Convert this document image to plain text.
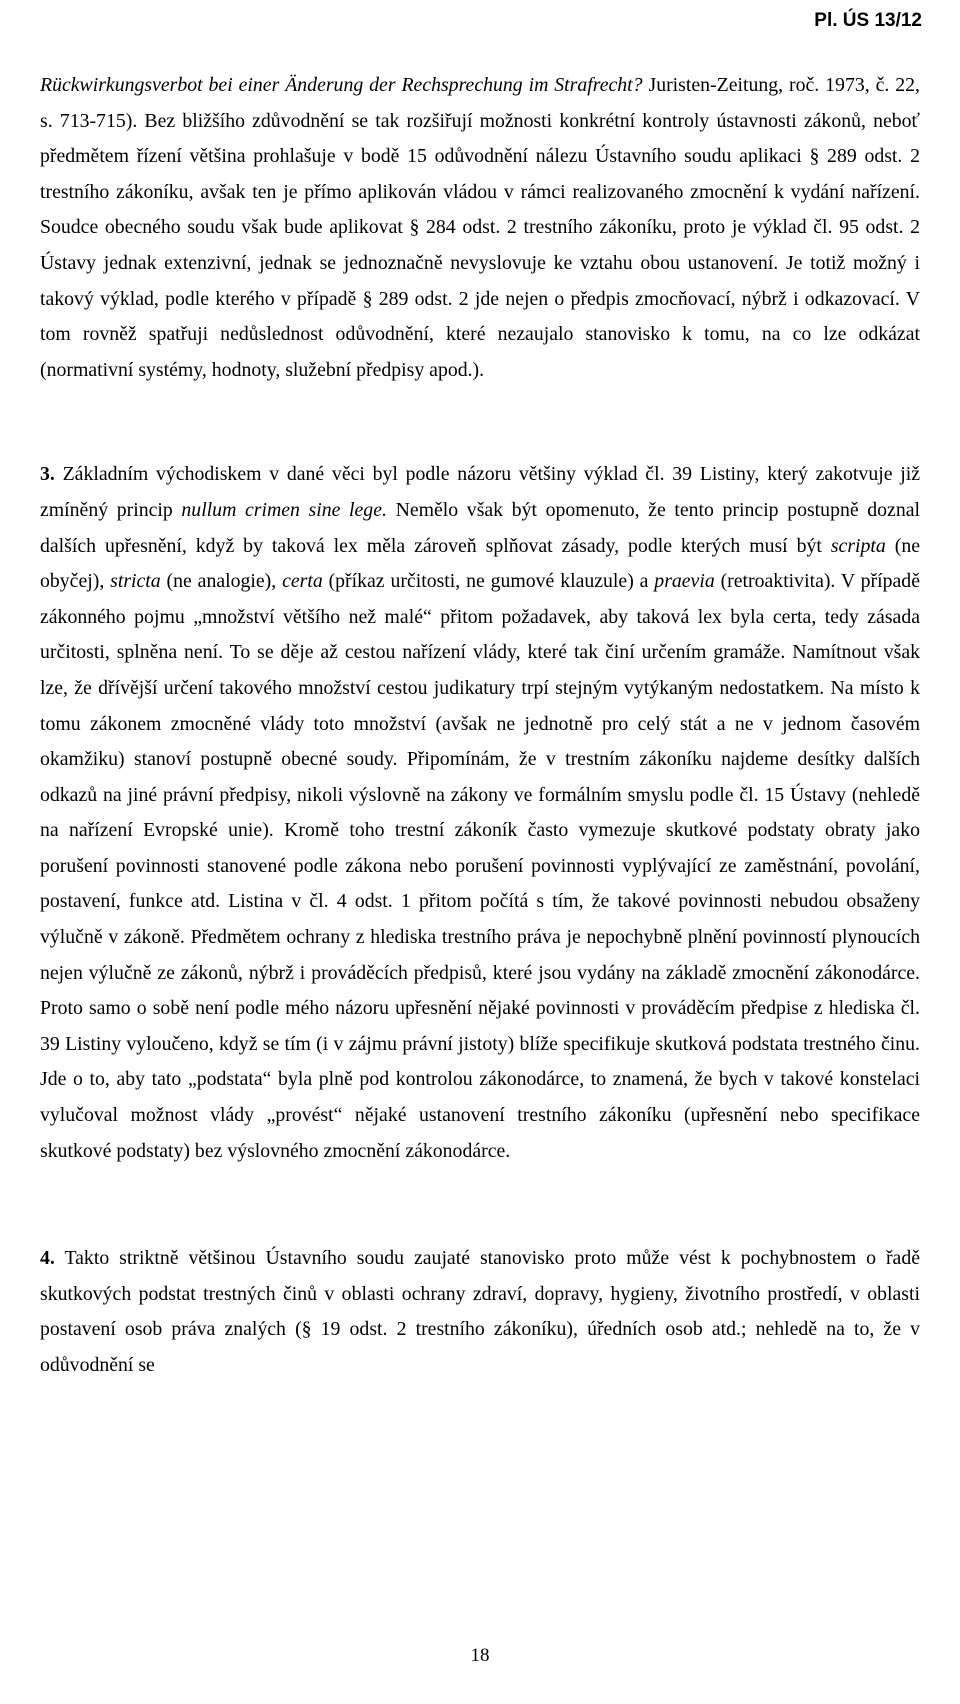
Pl. ÚS 13/12

Rückwirkungsverbot bei einer Änderung der Rechsprechung im Strafrecht? Juristen-Zeitung, roč. 1973, č. 22, s. 713-715). Bez bližšího zdůvodnění se tak rozšiřují možnosti konkrétní kontroly ústavnosti zákonů, neboť předmětem řízení většina prohlašuje v bodě 15 odůvodnění nálezu Ústavního soudu aplikaci § 289 odst. 2 trestního zákoníku, avšak ten je přímo aplikován vládou v rámci realizovaného zmocnění k vydání nařízení. Soudce obecného soudu však bude aplikovat § 284 odst. 2 trestního zákoníku, proto je výklad čl. 95 odst. 2 Ústavy jednak extenzivní, jednak se jednoznačně nevyslovuje ke vztahu obou ustanovení. Je totiž možný i takový výklad, podle kterého v případě § 289 odst. 2 jde nejen o předpis zmocňovací, nýbrž i odkazovací. V tom rovněž spatřuji nedůslednost odůvodnění, které nezaujalo stanovisko k tomu, na co lze odkázat (normativní systémy, hodnoty, služební předpisy apod.).

3. Základním východiskem v dané věci byl podle názoru většiny výklad čl. 39 Listiny, který zakotvuje již zmíněný princip nullum crimen sine lege. Nemělo však být opomenuto, že tento princip postupně doznal dalších upřesnění, když by taková lex měla zároveň splňovat zásady, podle kterých musí být scripta (ne obyčej), stricta (ne analogie), certa (příkaz určitosti, ne gumové klauzule) a praevia (retroaktivita). V případě zákonného pojmu „množství většího než malé“ přitom požadavek, aby taková lex byla certa, tedy zásada určitosti, splněna není. To se děje až cestou nařízení vlády, které tak činí určením gramáže. Namítnout však lze, že dřívější určení takového množství cestou judikatury trpí stejným vytýkaným nedostatkem. Na místo k tomu zákonem zmocněné vlády toto množství (avšak ne jednotně pro celý stát a ne v jednom časovém okamžiku) stanoví postupně obecné soudy. Připomínám, že v trestním zákoníku najdeme desítky dalších odkazů na jiné právní předpisy, nikoli výslovně na zákony ve formálním smyslu podle čl. 15 Ústavy (nehledě na nařízení Evropské unie). Kromě toho trestní zákoník často vymezuje skutkové podstaty obraty jako porušení povinnosti stanovené podle zákona nebo porušení povinnosti vyplývající ze zaměstnání, povolání, postavení, funkce atd. Listina v čl. 4 odst. 1 přitom počítá s tím, že takové povinnosti nebudou obsaženy výlučně v zákoně. Předmětem ochrany z hlediska trestního práva je nepochybně plnění povinností plynoucích nejen výlučně ze zákonů, nýbrž i prováděcích předpisů, které jsou vydány na základě zmocnění zákonodárce. Proto samo o sobě není podle mého názoru upřesnění nějaké povinnosti v prováděcím předpise z hlediska čl. 39 Listiny vyloučeno, když se tím (i v zájmu právní jistoty) blíže specifikuje skutková podstata trestného činu. Jde o to, aby tato „podstata“ byla plně pod kontrolou zákonodárce, to znamená, že bych v takové konstelaci vylučoval možnost vlády „provést“ nějaké ustanovení trestního zákoníku (upřesnění nebo specifikace skutkové podstaty) bez výslovného zmocnění zákonodárce.

4. Takto striktně většinou Ústavního soudu zaujaté stanovisko proto může vést k pochybnostem o řadě skutkových podstat trestných činů v oblasti ochrany zdraví, dopravy, hygieny, životního prostředí, v oblasti postavení osob práva znalých (§ 19 odst. 2 trestního zákoníku), úředních osob atd.; nehledě na to, že v odůvodnění se

18
